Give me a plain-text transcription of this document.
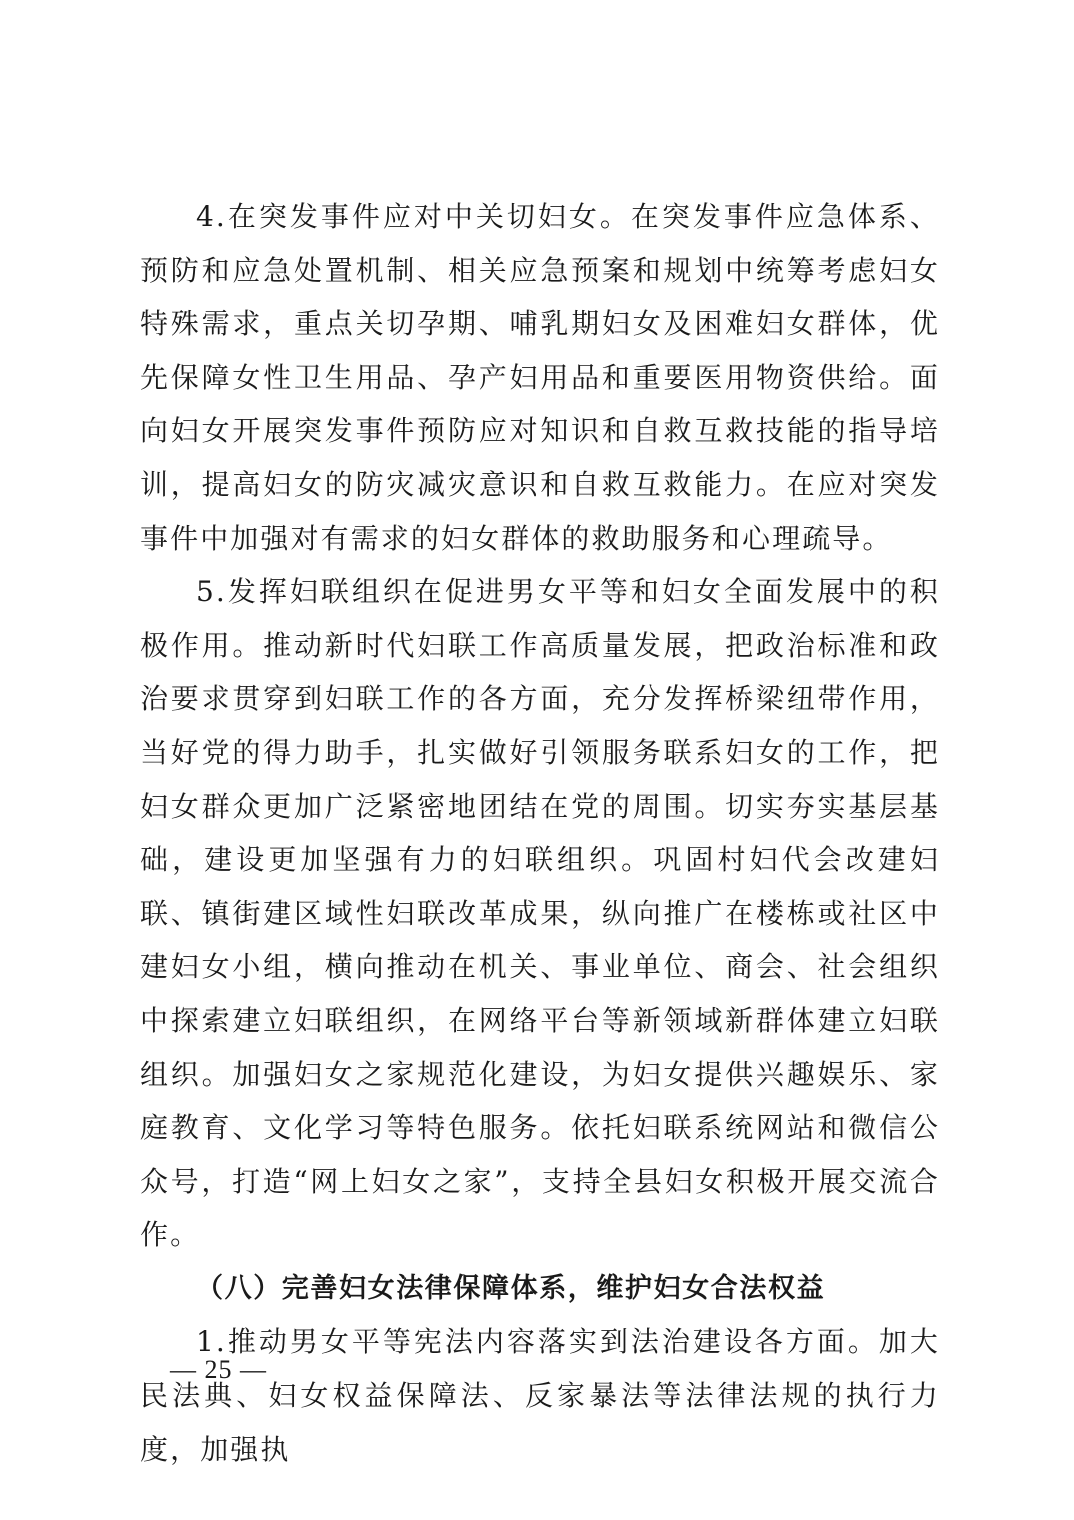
4.在突发事件应对中关切妇女。在突发事件应急体系、预防和应急处置机制、相关应急预案和规划中统筹考虑妇女特殊需求，重点关切孕期、哺乳期妇女及困难妇女群体，优先保障女性卫生用品、孕产妇用品和重要医用物资供给。面向妇女开展突发事件预防应对知识和自救互救技能的指导培训，提高妇女的防灾减灾意识和自救互救能力。在应对突发事件中加强对有需求的妇女群体的救助服务和心理疏导。

5.发挥妇联组织在促进男女平等和妇女全面发展中的积极作用。推动新时代妇联工作高质量发展，把政治标准和政治要求贯穿到妇联工作的各方面，充分发挥桥梁纽带作用，当好党的得力助手，扎实做好引领服务联系妇女的工作，把妇女群众更加广泛紧密地团结在党的周围。切实夯实基层基础，建设更加坚强有力的妇联组织。巩固村妇代会改建妇联、镇街建区域性妇联改革成果，纵向推广在楼栋或社区中建妇女小组，横向推动在机关、事业单位、商会、社会组织中探索建立妇联组织，在网络平台等新领域新群体建立妇联组织。加强妇女之家规范化建设，为妇女提供兴趣娱乐、家庭教育、文化学习等特色服务。依托妇联系统网站和微信公众号，打造“网上妇女之家”，支持全县妇女积极开展交流合作。

（八）完善妇女法律保障体系，维护妇女合法权益

1.推动男女平等宪法内容落实到法治建设各方面。加大民法典、妇女权益保障法、反家暴法等法律法规的执行力度，加强执

— 25 —
